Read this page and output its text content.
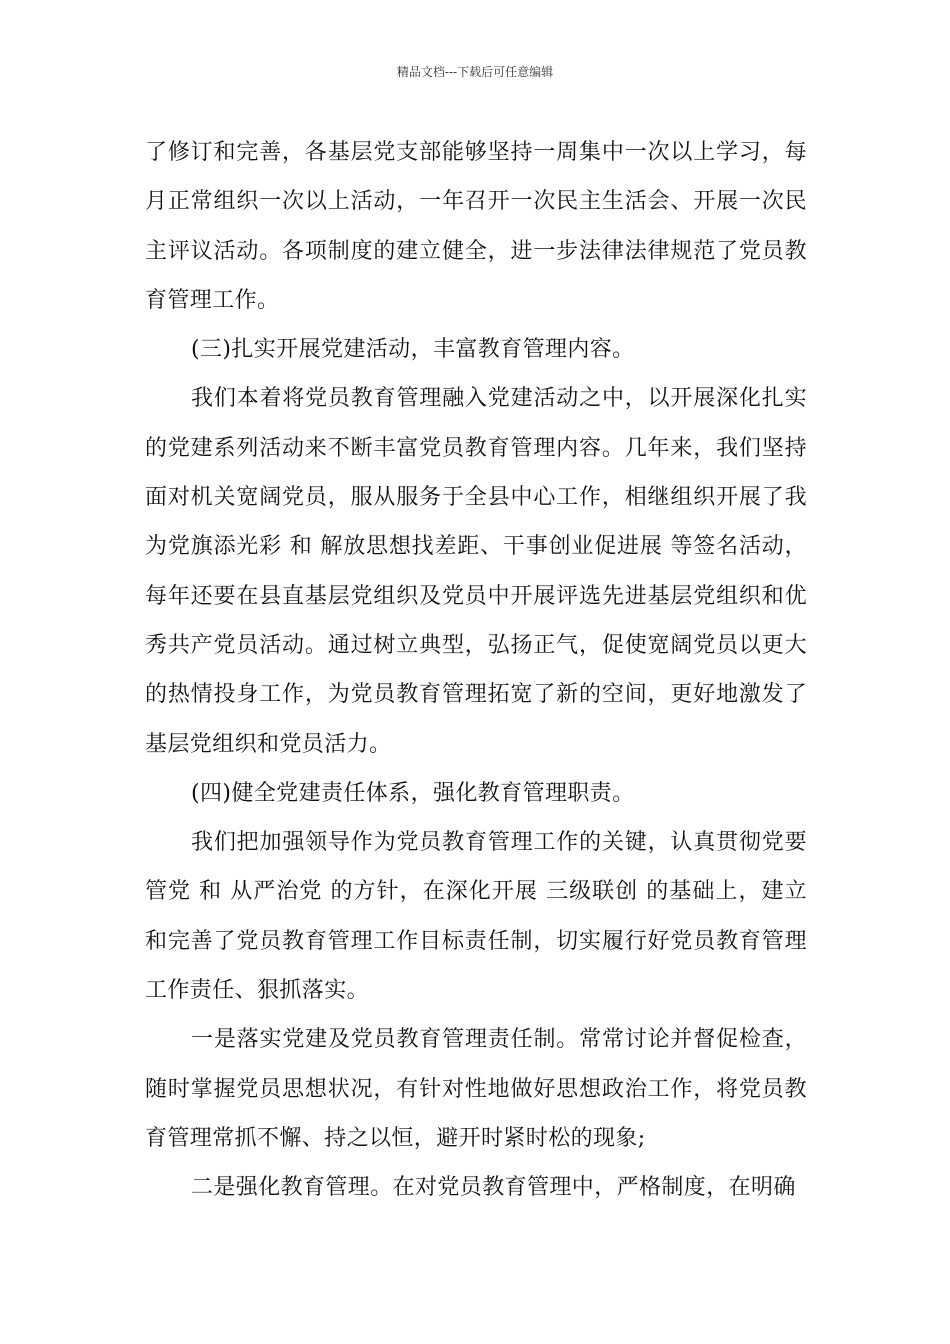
精品文档---下载后可任意编辑

了修订和完善，各基层党支部能够坚持一周集中一次以上学习，每月正常组织一次以上活动，一年召开一次民主生活会、开展一次民主评议活动。各项制度的建立健全，进一步法律法律规范了党员教育管理工作。

(三)扎实开展党建活动，丰富教育管理内容。

我们本着将党员教育管理融入党建活动之中，以开展深化扎实的党建系列活动来不断丰富党员教育管理内容。几年来，我们坚持面对机关宽阔党员，服从服务于全县中心工作，相继组织开展了我为党旗添光彩 和 解放思想找差距、干事创业促进展 等签名活动，每年还要在县直基层党组织及党员中开展评选先进基层党组织和优秀共产党员活动。通过树立典型，弘扬正气，促使宽阔党员以更大的热情投身工作，为党员教育管理拓宽了新的空间，更好地激发了基层党组织和党员活力。

(四)健全党建责任体系，强化教育管理职责。

我们把加强领导作为党员教育管理工作的关键，认真贯彻党要管党 和 从严治党 的方针，在深化开展 三级联创 的基础上，建立和完善了党员教育管理工作目标责任制，切实履行好党员教育管理工作责任、狠抓落实。

一是落实党建及党员教育管理责任制。常常讨论并督促检查，随时掌握党员思想状况，有针对性地做好思想政治工作，将党员教育管理常抓不懈、持之以恒，避开时紧时松的现象;

二是强化教育管理。在对党员教育管理中，严格制度，在明确
